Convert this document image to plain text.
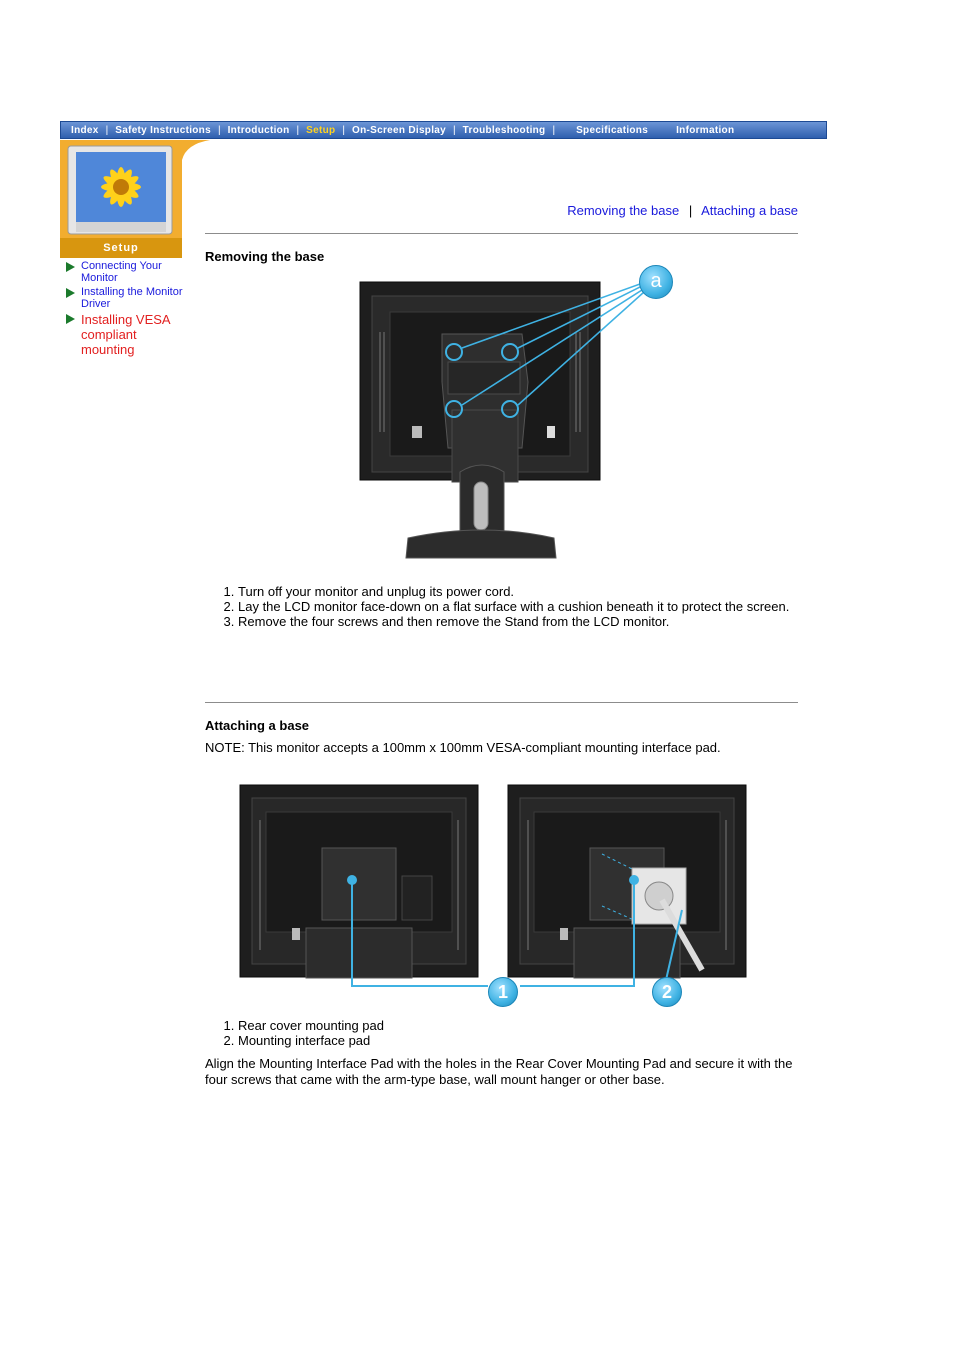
Index | Safety Instructions | Introduction | Setup | On-Screen Display | Troubleshooting |	Specifications	Information
Setup
Connecting Your Monitor
Installing the Monitor Driver
Installing VESA compliant mounting
Removing the base | Attaching a base
Removing the base
a
1. Turn off your monitor and unplug its power cord.
2. Lay the LCD monitor face-down on a flat surface with a cushion beneath it to protect the screen.
3. Remove the four screws and then remove the Stand from the LCD monitor.
Attaching a base
NOTE: This monitor accepts a 100mm x 100mm VESA-compliant mounting interface pad.
1	2
1. Rear cover mounting pad
2. Mounting interface pad
Align the Mounting Interface Pad with the holes in the Rear Cover Mounting Pad and secure it with the four screws that came with the arm-type base, wall mount hanger or other base.
